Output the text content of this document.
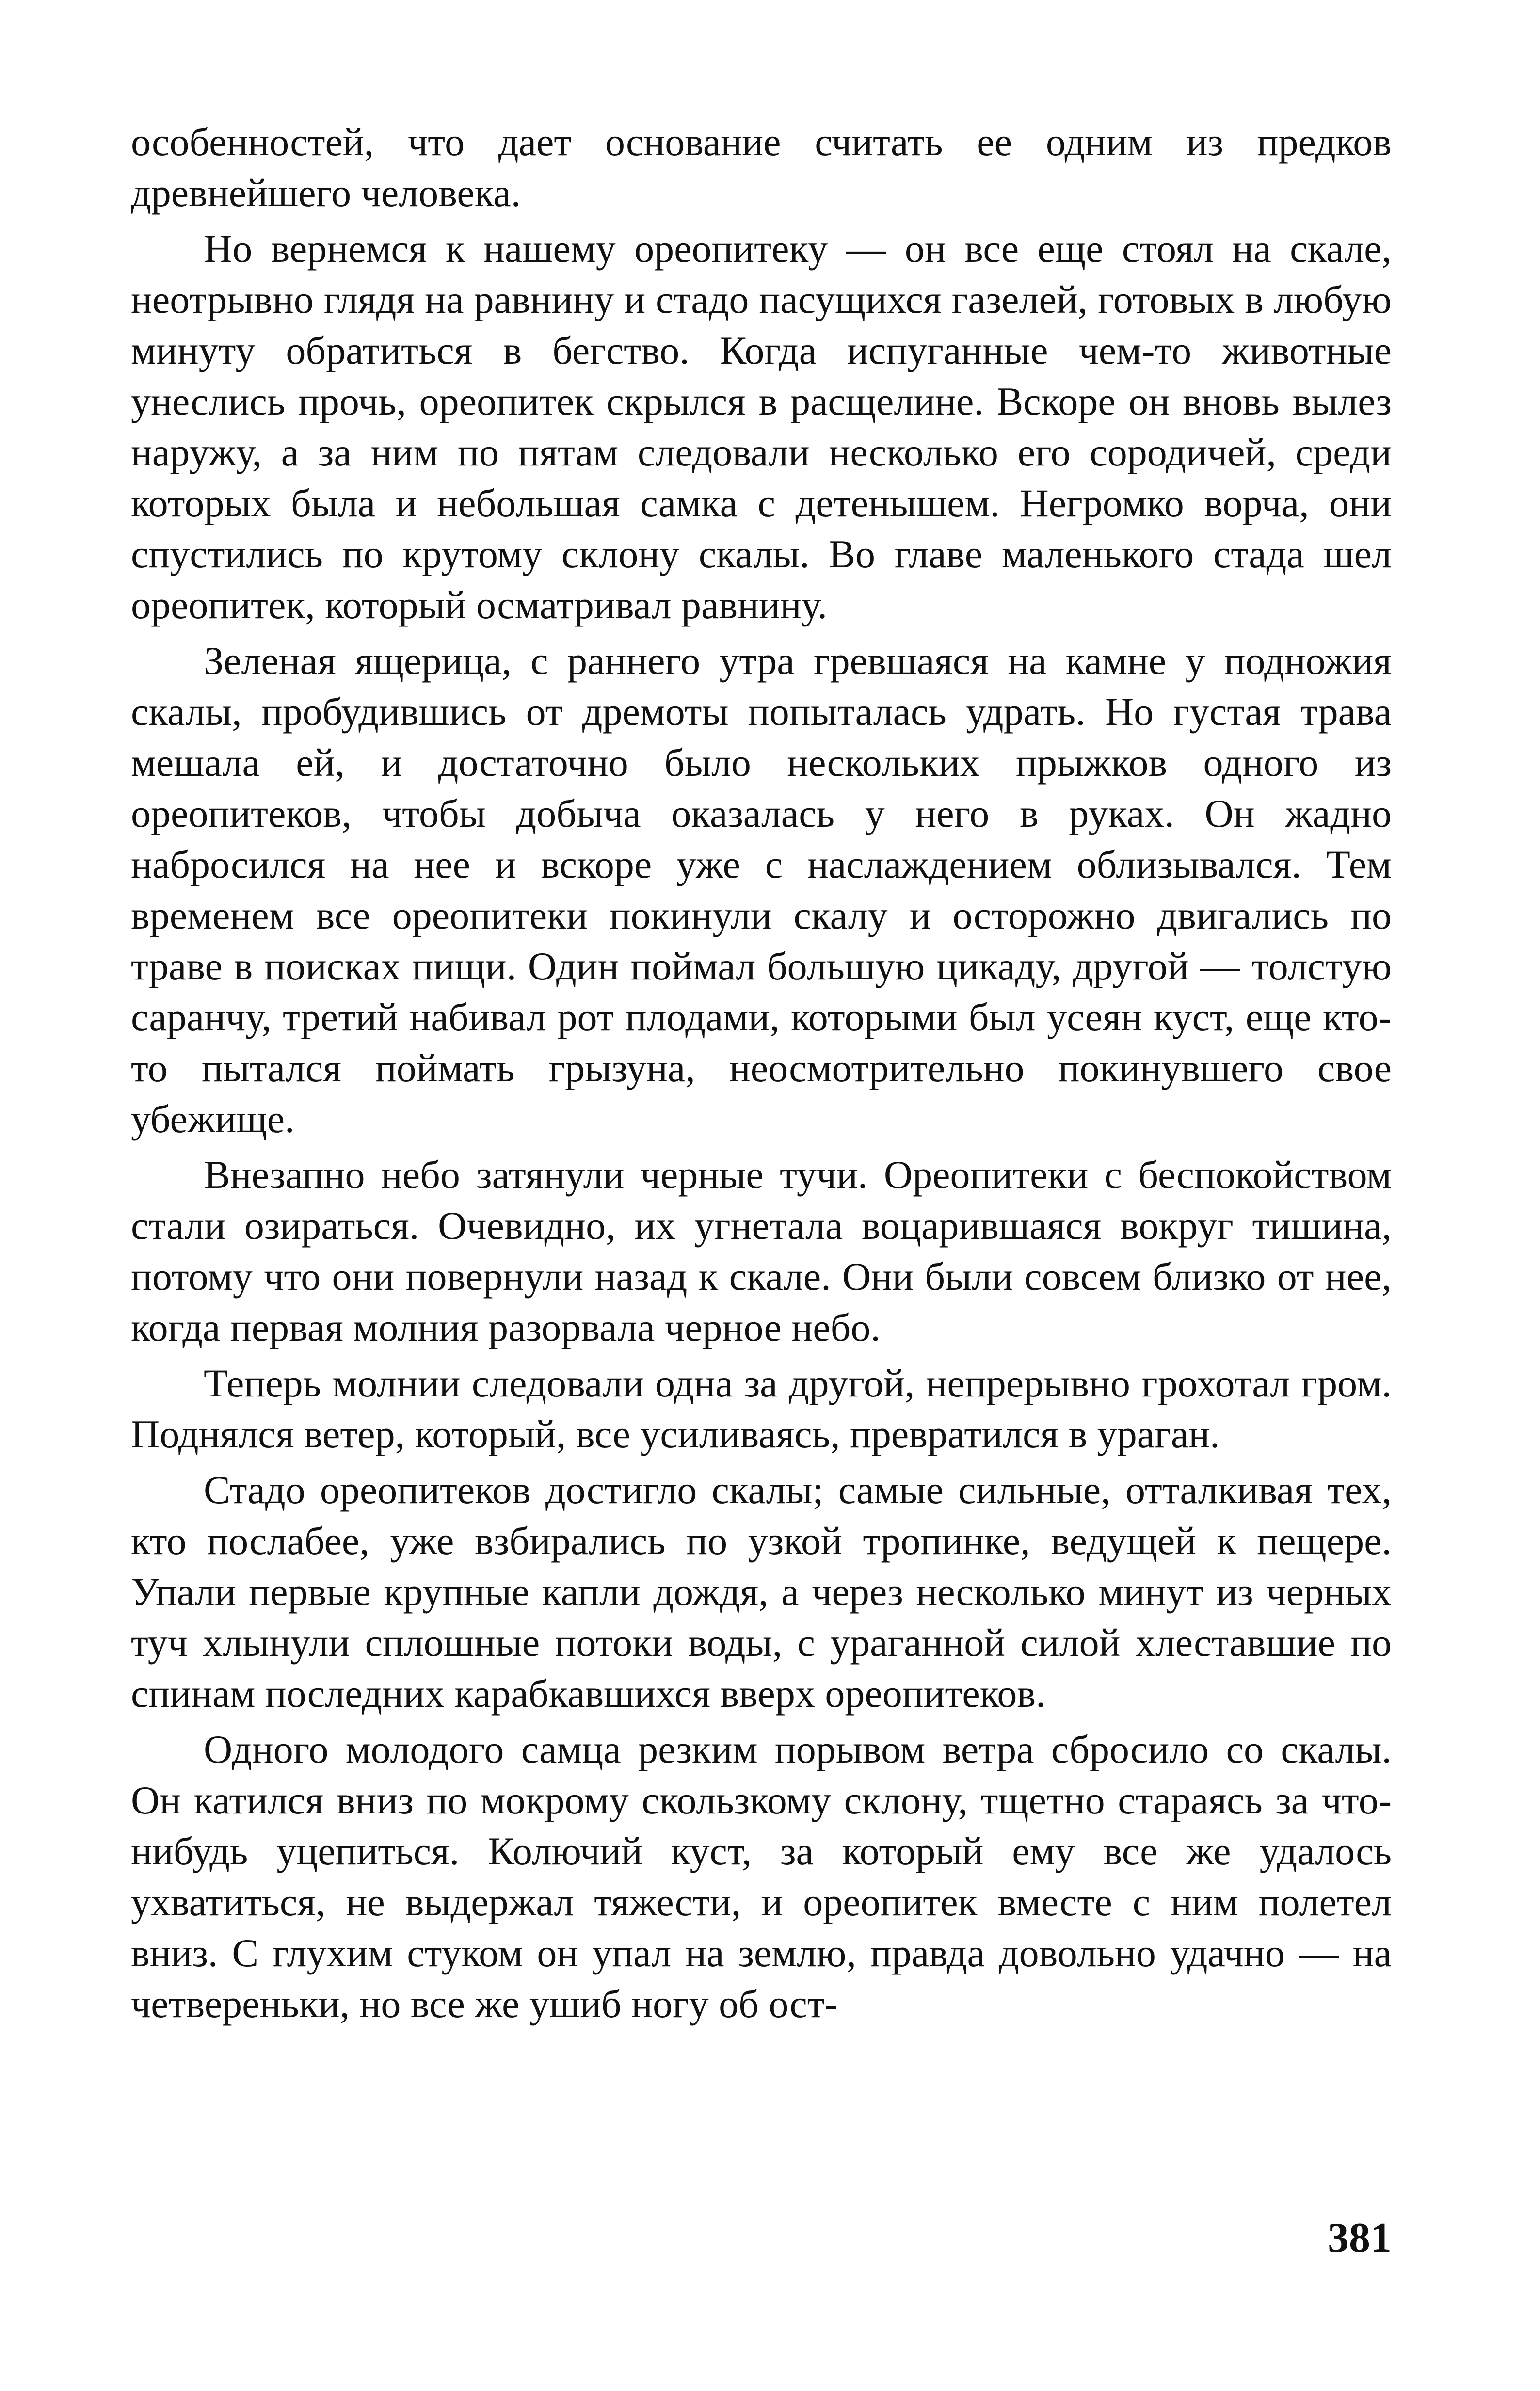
особенностей, что дает основание считать ее одним из предков древнейшего человека.

Но вернемся к нашему ореопитеку — он все еще стоял на скале, неотрывно глядя на равнину и стадо пасущихся газелей, готовых в любую минуту обратиться в бегство. Когда испуганные чем-то животные унеслись прочь, ореопитек скрылся в расщелине. Вскоре он вновь вылез наружу, а за ним по пятам следовали несколько его сородичей, среди которых была и небольшая самка с детенышем. Негромко ворча, они спустились по крутому склону скалы. Во главе маленького стада шел ореопитек, который осматривал равнину.

Зеленая ящерица, с раннего утра гревшаяся на камне у подножия скалы, пробудившись от дремоты попыталась удрать. Но густая трава мешала ей, и достаточно было нескольких прыжков одного из ореопитеков, чтобы добыча оказалась у него в руках. Он жадно набросился на нее и вскоре уже с наслаждением облизывался. Тем временем все ореопитеки покинули скалу и осторожно двигались по траве в поисках пищи. Один поймал большую цикаду, другой — толстую саранчу, третий набивал рот плодами, которыми был усеян куст, еще кто-то пытался поймать грызуна, неосмотрительно покинувшего свое убежище.

Внезапно небо затянули черные тучи. Ореопитеки с беспокойством стали озираться. Очевидно, их угнетала воцарившаяся вокруг тишина, потому что они повернули назад к скале. Они были совсем близко от нее, когда первая молния разорвала черное небо.

Теперь молнии следовали одна за другой, непрерывно грохотал гром. Поднялся ветер, который, все усиливаясь, превратился в ураган.

Стадо ореопитеков достигло скалы; самые сильные, отталкивая тех, кто послабее, уже взбирались по узкой тропинке, ведущей к пещере. Упали первые крупные капли дождя, а через несколько минут из черных туч хлынули сплошные потоки воды, с ураганной силой хлеставшие по спинам последних карабкавшихся вверх ореопитеков.

Одного молодого самца резким порывом ветра сбросило со скалы. Он катился вниз по мокрому скользкому склону, тщетно стараясь за что-нибудь уцепиться. Колючий куст, за который ему все же удалось ухватиться, не выдержал тяжести, и ореопитек вместе с ним полетел вниз. С глухим стуком он упал на землю, правда довольно удачно — на четвереньки, но все же ушиб ногу об ост-

381
